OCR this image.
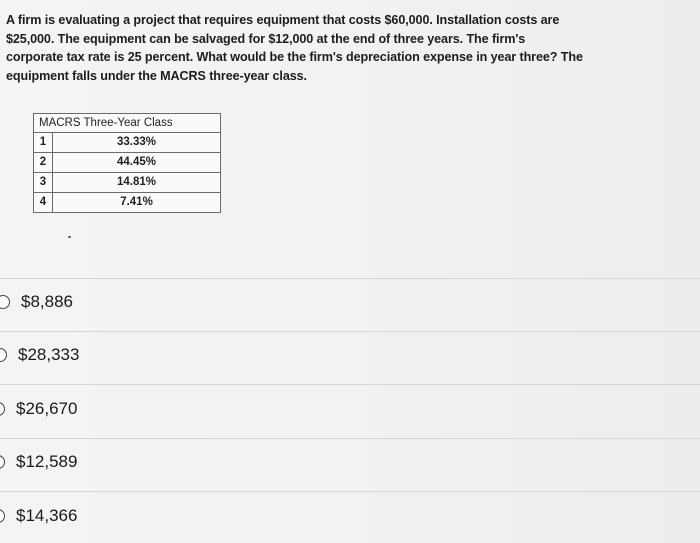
A firm is evaluating a project that requires equipment that costs $60,000. Installation costs are
$25,000. The equipment can be salvaged for $12,000 at the end of three years. The firm's
corporate tax rate is 25 percent. What would be the firm's depreciation expense in year three? The
equipment falls under the MACRS three-year class.
MACRS Three-Year Class
1	33.33%
2	44.45%
3	14.81%
4	7.41%
$8,886
$28,333
$26,670
$12,589
$14,366
